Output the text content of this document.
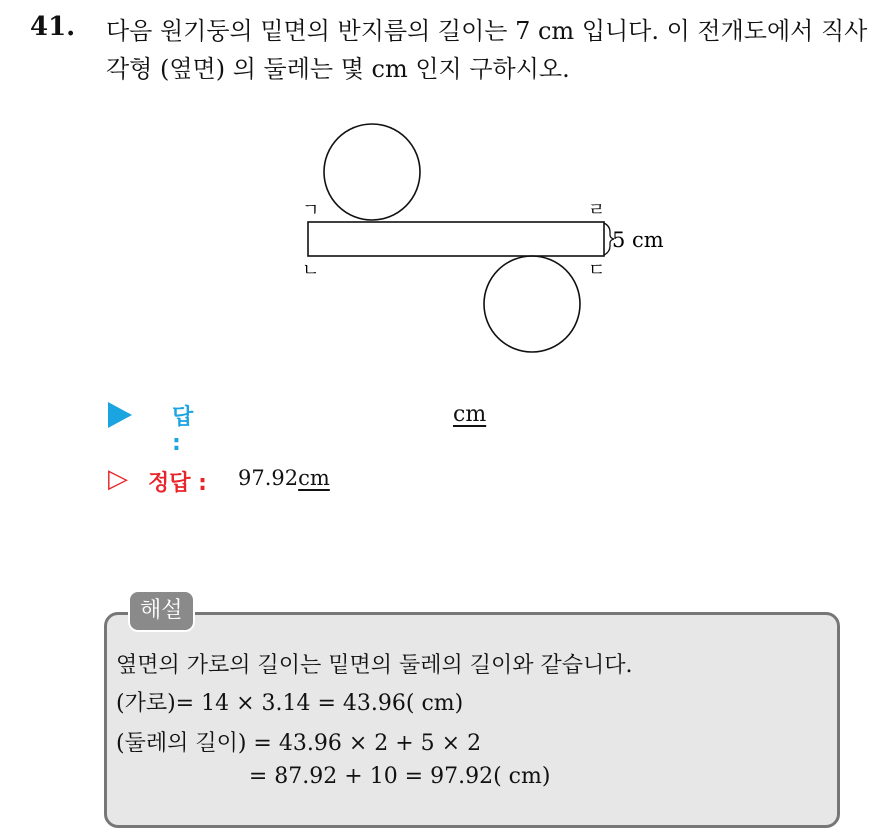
41. 다음 원기둥의 밑면의 반지름의 길이는 7 cm 입니다. 이 전개도에서 직사각형 (옆면) 의 둘레는 몇 cm 인지 구하시오.
ㄱ	ㄹ
ㄴ	ㄷ
5 cm
답 :
cm
▷ 정답 : 97.92cm
해설
옆면의 가로의 길이는 밑면의 둘레의 길이와 같습니다.
(가로)= 14 × 3.14 = 43.96( cm)
(둘레의 길이) = 43.96 × 2 + 5 × 2
= 87.92 + 10 = 97.92( cm)
